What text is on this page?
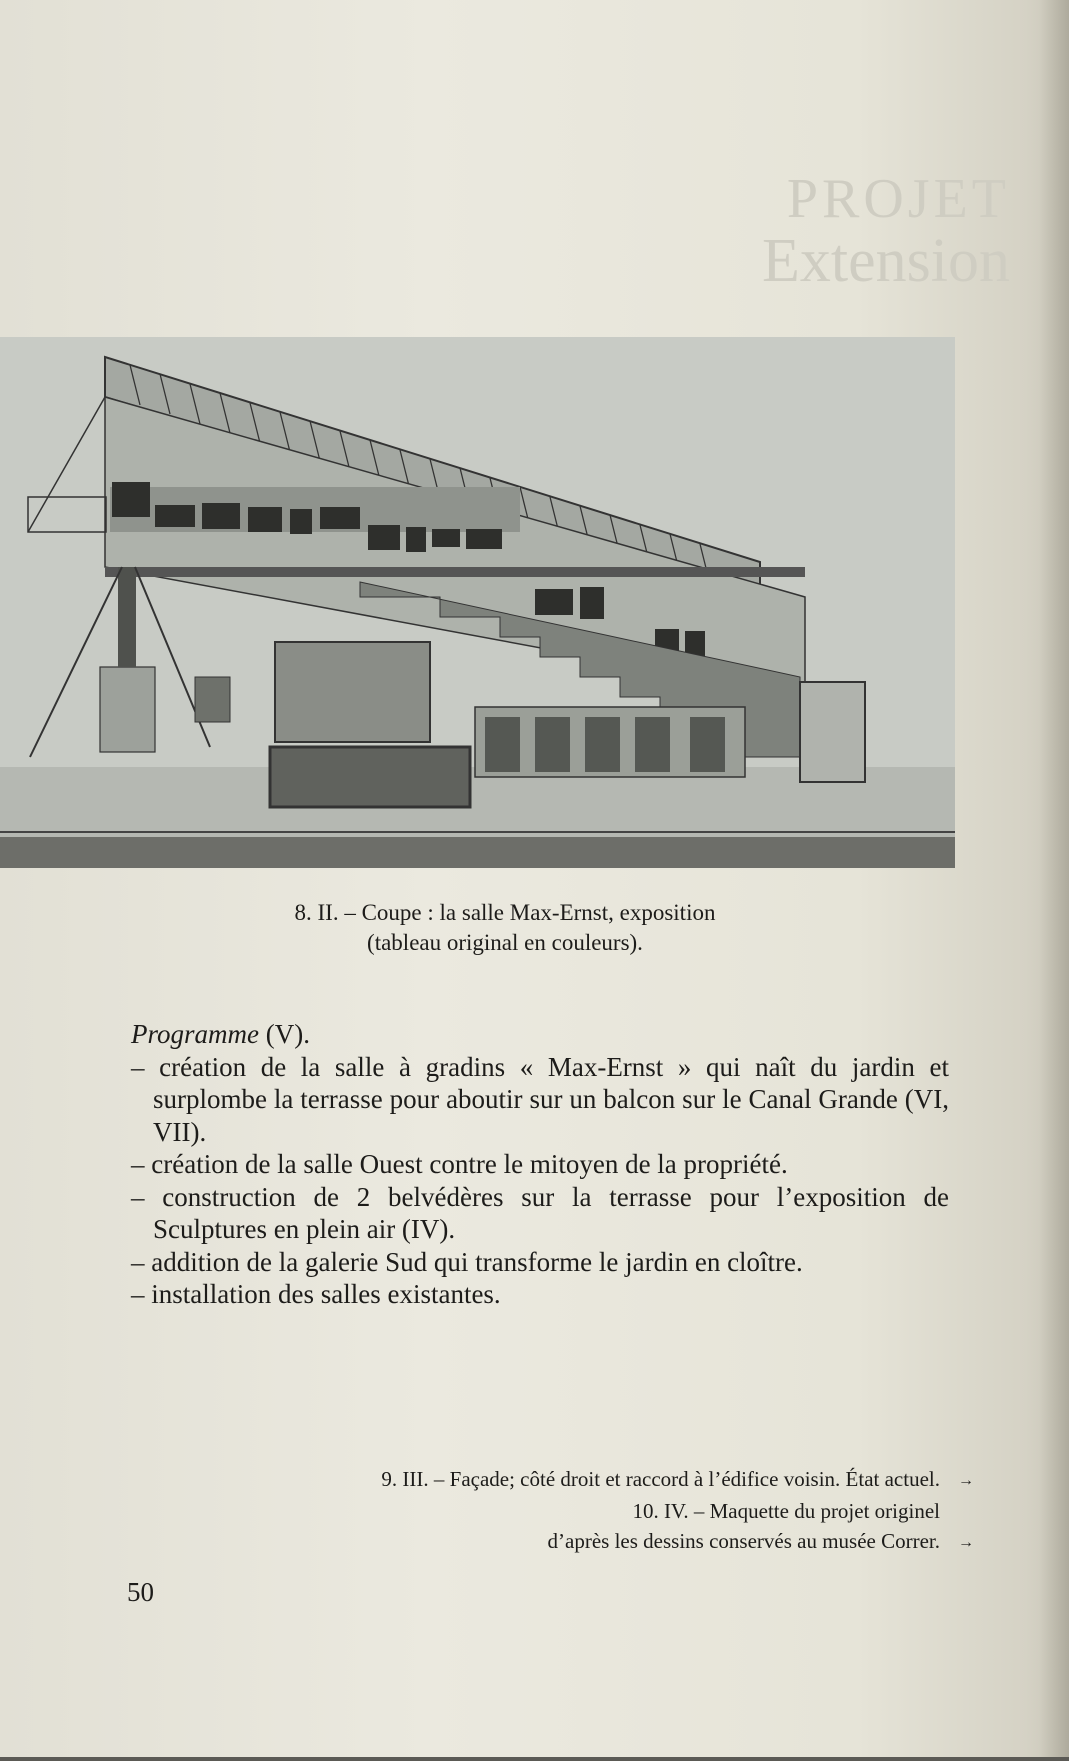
PROJET
Extension
8. II. – Coupe : la salle Max-Ernst, exposition
(tableau original en couleurs).
Programme (V).
– création de la salle à gradins « Max-Ernst » qui naît du jardin et surplombe la terrasse pour aboutir sur un balcon sur le Canal Grande (VI, VII).
– création de la salle Ouest contre le mitoyen de la propriété.
– construction de 2 belvédères sur la terrasse pour l’exposition de Sculptures en plein air (IV).
– addition de la galerie Sud qui transforme le jardin en cloître.
– installation des salles existantes.
9. III. – Façade; côté droit et raccord à l’édifice voisin. État actuel. →
10. IV. – Maquette du projet originel
d’après les dessins conservés au musée Correr. →
50
